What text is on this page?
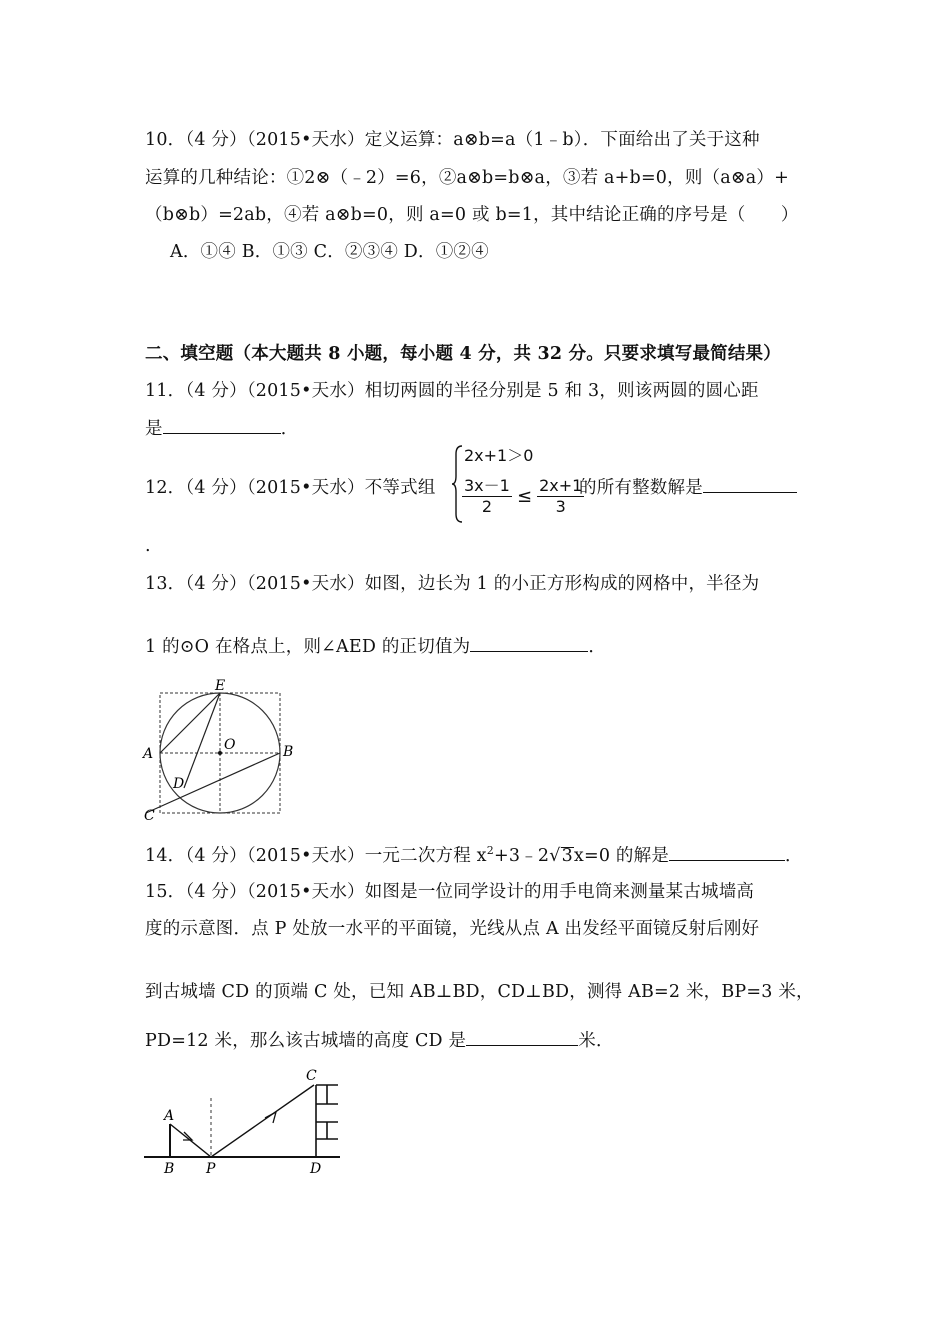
10．（4 分）（2015•天水）定义运算：a⊗b=a（1﹣b）．下面给出了关于这种
运算的几种结论：①2⊗（﹣2）=6，②a⊗b=b⊗a，③若 a+b=0，则（a⊗a）+
（b⊗b）=2ab，④若 a⊗b=0，则 a=0 或 b=1，其中结论正确的序号是（　　）
A．①④ B．①③ C．②③④ D．①②④
二、填空题（本大题共 8 小题，每小题 4 分，共 32 分。只要求填写最简结果）
11．（4 分）（2015•天水）相切两圆的半径分别是 5 和 3，则该两圆的圆心距
是	．
12．（4 分）（2015•天水）不等式组
2x+1＞0
$\frac{3x-1}{2} \le \frac{2x+1}{3}$
的所有整数解是
.
13．（4 分）（2015•天水）如图，边长为 1 的小正方形构成的网格中，半径为
1 的⊙O 在格点上，则∠AED 的正切值为	．
E
A
O	B
D
C
14．（4 分）（2015•天水）一元二次方程 $x^2+3﹣2√3x=0$ 的解是	．
15．（4 分）（2015•天水）如图是一位同学设计的用手电筒来测量某古城墙高
度的示意图．点 P 处放一水平的平面镜，光线从点 A 出发经平面镜反射后刚好
到古城墙 CD 的顶端 C 处，已知 AB⊥BD，CD⊥BD，测得 AB=2 米，BP=3 米，
PD=12 米，那么该古城墙的高度 CD 是	米．
A
B P
C
D
